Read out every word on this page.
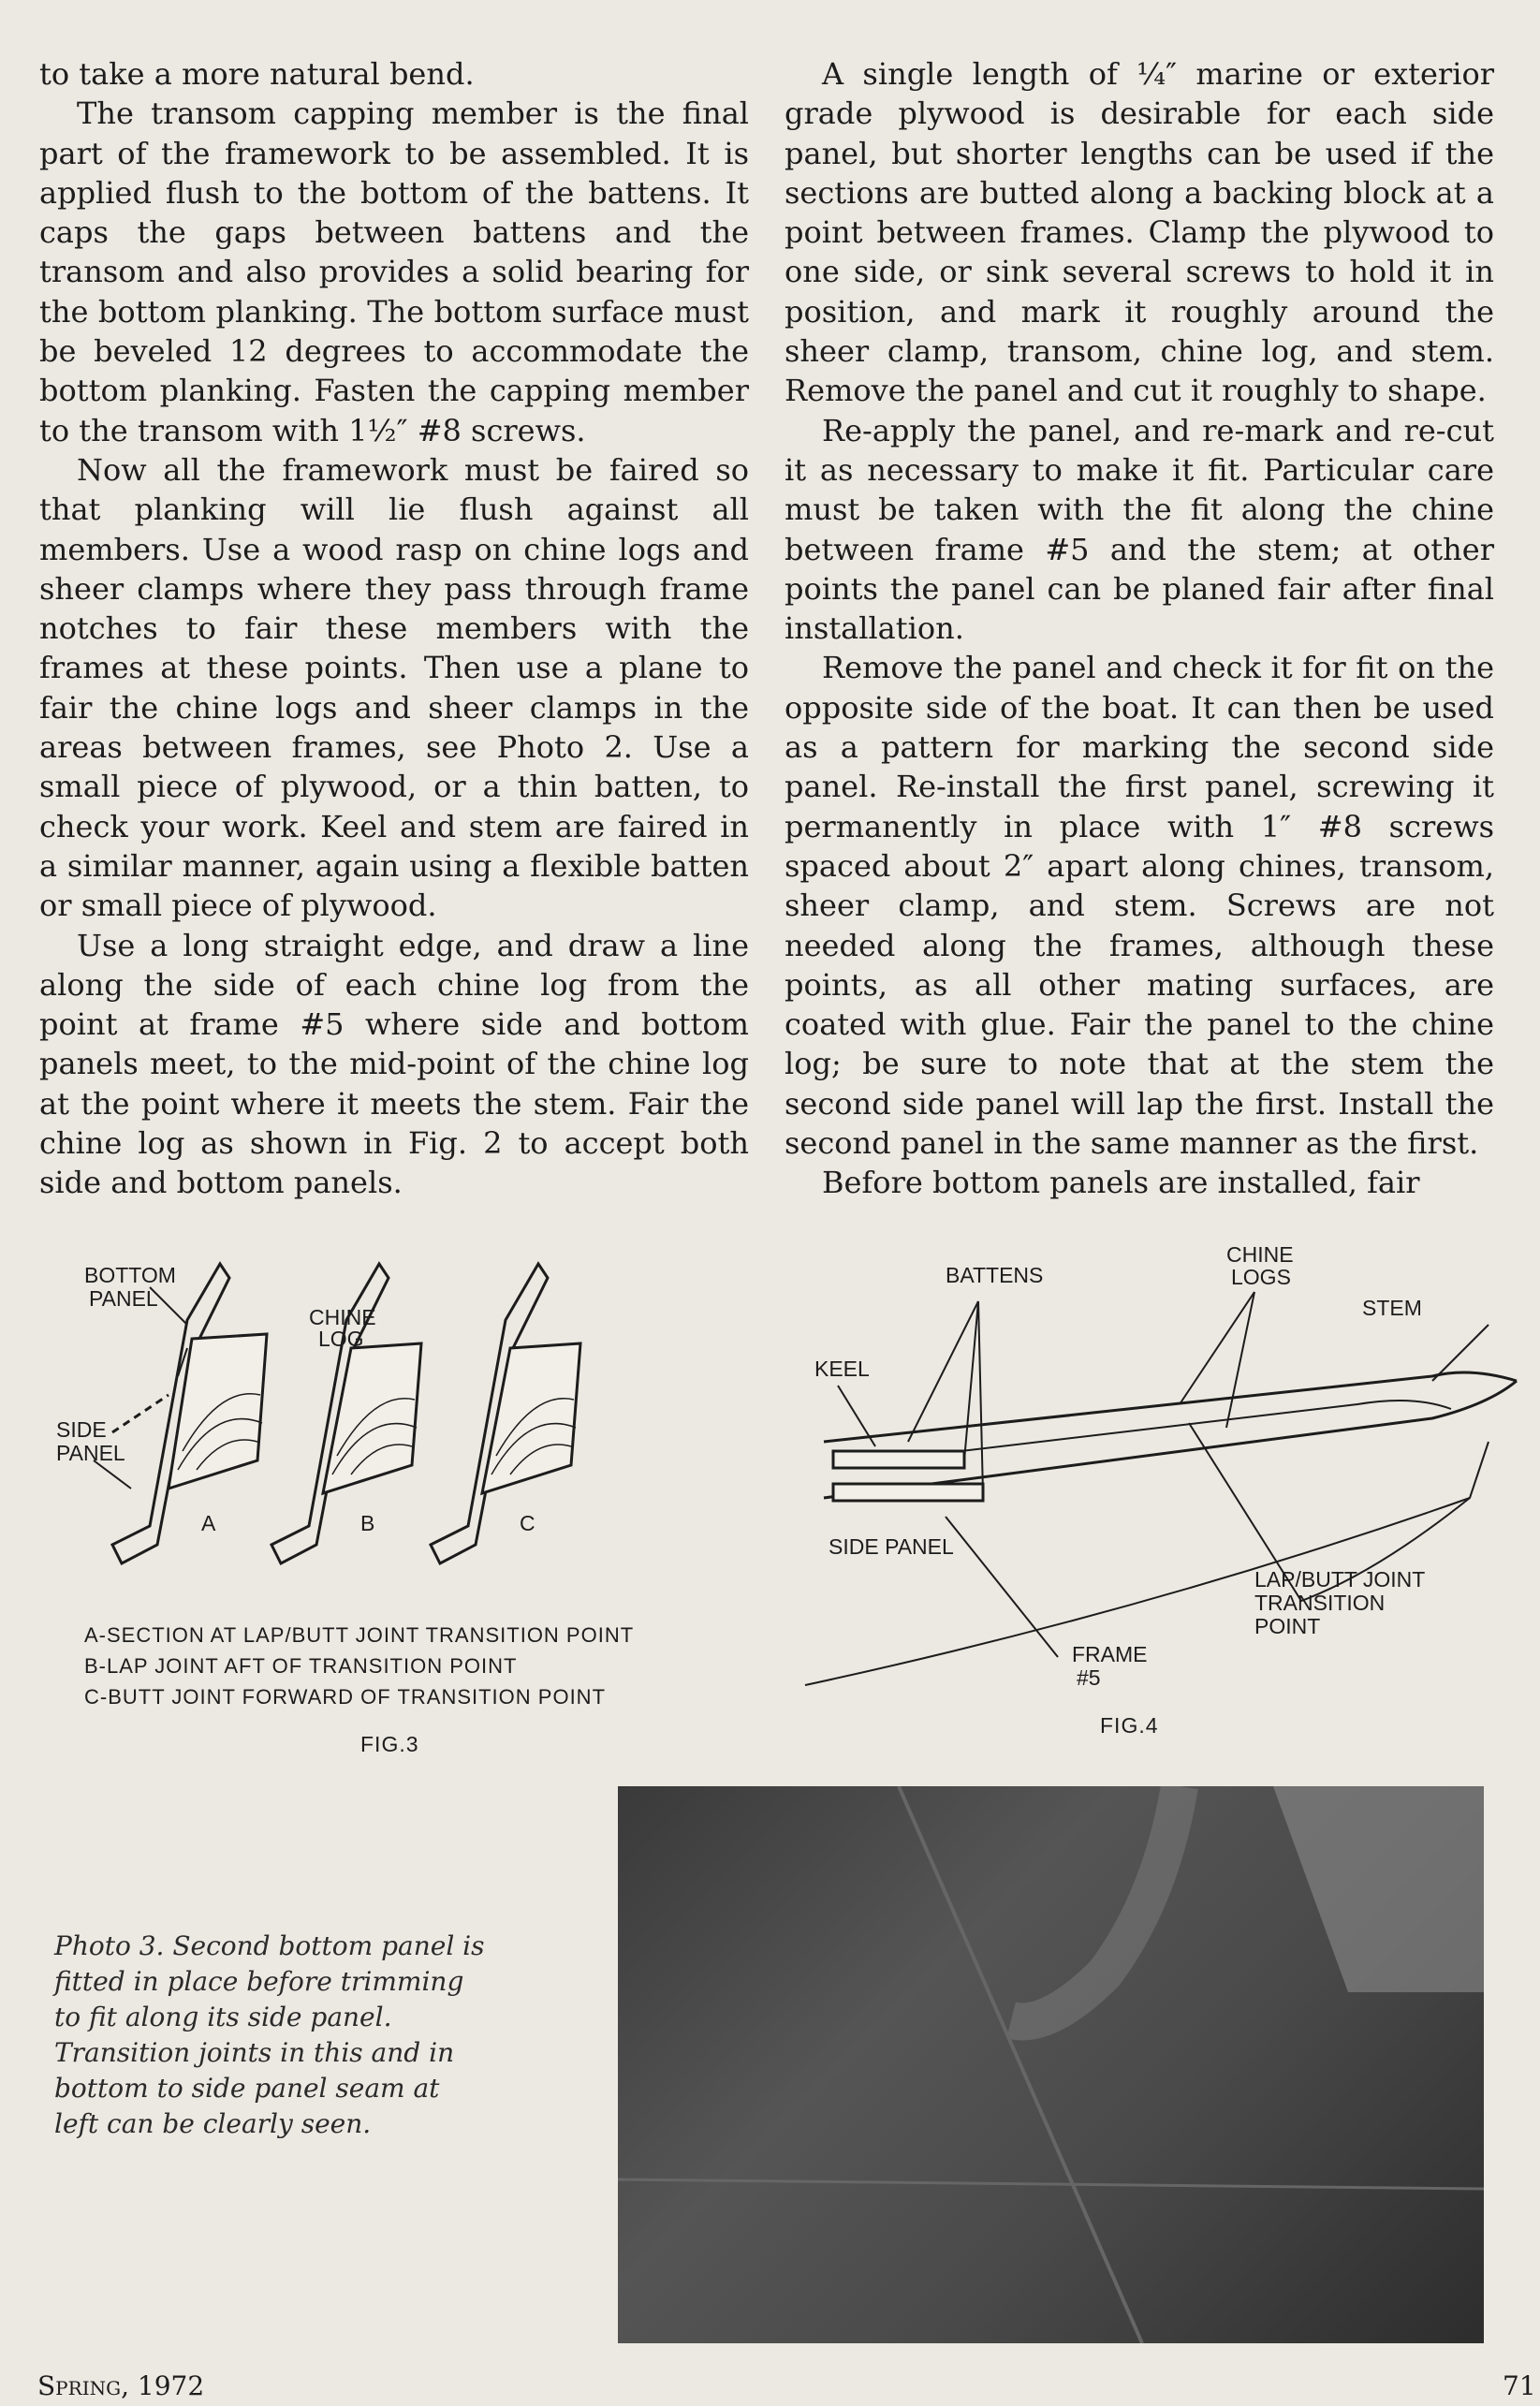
to take a more natural bend.

The transom capping member is the final part of the framework to be assembled. It is applied flush to the bottom of the battens. It caps the gaps between battens and the transom and also provides a solid bearing for the bottom planking. The bottom surface must be beveled 12 degrees to accommodate the bottom planking. Fasten the capping member to the transom with 1½″ #8 screws.

Now all the framework must be faired so that planking will lie flush against all members. Use a wood rasp on chine logs and sheer clamps where they pass through frame notches to fair these members with the frames at these points. Then use a plane to fair the chine logs and sheer clamps in the areas between frames, see Photo 2. Use a small piece of plywood, or a thin batten, to check your work. Keel and stem are faired in a similar manner, again using a flexible batten or small piece of plywood.

Use a long straight edge, and draw a line along the side of each chine log from the point at frame #5 where side and bottom panels meet, to the mid-point of the chine log at the point where it meets the stem. Fair the chine log as shown in Fig. 2 to accept both side and bottom panels.

A single length of ¼″ marine or exterior grade plywood is desirable for each side panel, but shorter lengths can be used if the sections are butted along a backing block at a point between frames. Clamp the plywood to one side, or sink several screws to hold it in position, and mark it roughly around the sheer clamp, transom, chine log, and stem. Remove the panel and cut it roughly to shape.

Re-apply the panel, and re-mark and re-cut it as necessary to make it fit. Particular care must be taken with the fit along the chine between frame #5 and the stem; at other points the panel can be planed fair after final installation.

Remove the panel and check it for fit on the opposite side of the boat. It can then be used as a pattern for marking the second side panel. Re-install the first panel, screwing it permanently in place with 1″ #8 screws spaced about 2″ apart along chines, transom, sheer clamp, and stem. Screws are not needed along the frames, although these points, as all other mating surfaces, are coated with glue. Fair the panel to the chine log; be sure to note that at the stem the second side panel will lap the first. Install the second panel in the same manner as the first.

Before bottom panels are installed, fair

BOTTOM
PANEL
CHINE
LOG
SIDE
PANEL
A	B	C
A-SECTION AT LAP/BUTT JOINT TRANSITION POINT
B-LAP JOINT AFT OF TRANSITION POINT
C-BUTT JOINT FORWARD OF TRANSITION POINT
FIG.3
CHINE
LOGS
BATTENS
STEM
KEEL
SIDE PANEL
LAP/BUTT JOINT
TRANSITION
POINT
FRAME
#5
FIG.4
Photo 3. Second bottom panel is fitted in place before trimming to fit along its side panel. Transition joints in this and in bottom to side panel seam at left can be clearly seen.
Spring, 1972	71
